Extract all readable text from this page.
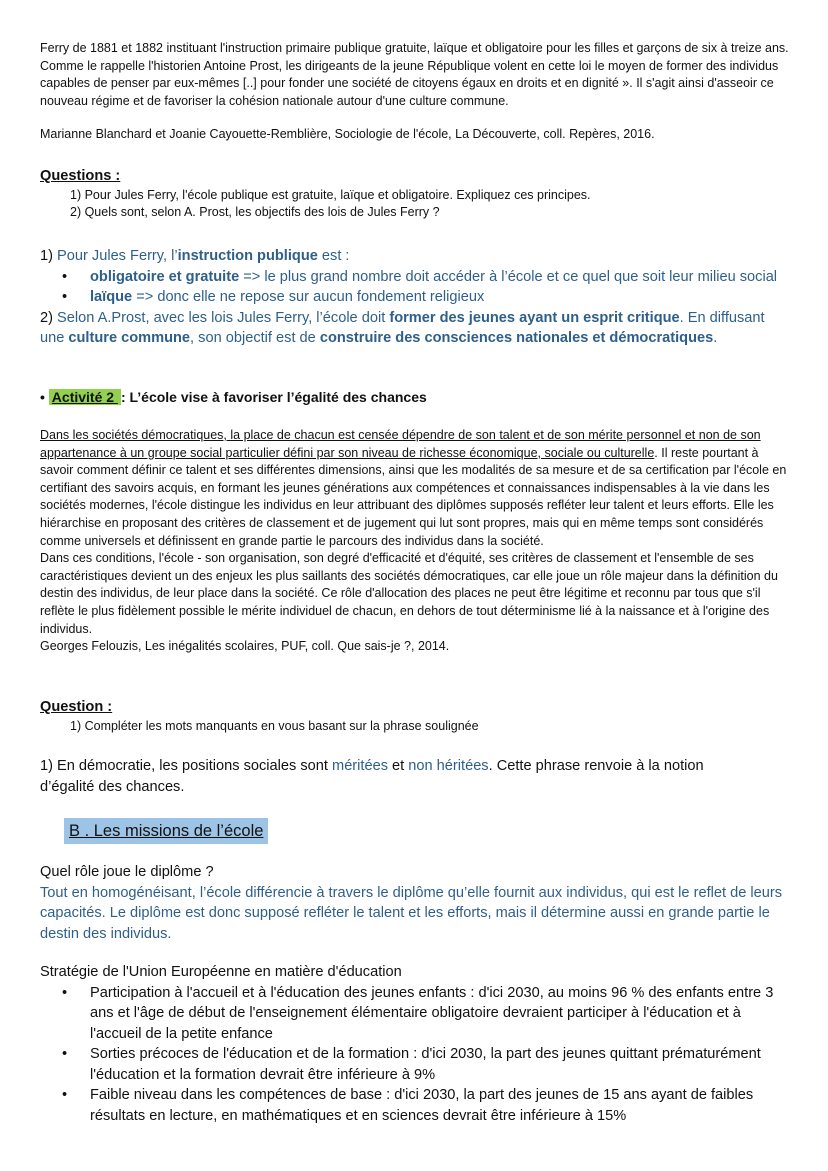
Ferry de 1881 et 1882 instituant l'instruction primaire publique gratuite, laïque et obligatoire pour les filles et garçons de six à treize ans. Comme le rappelle l'historien Antoine Prost, les dirigeants de la jeune République volent en cette loi le moyen de former des individus capables de penser par eux-mêmes [..] pour fonder une société de citoyens égaux en droits et en dignité ». Il s'agit ainsi d'asseoir ce nouveau régime et de favoriser la cohésion nationale autour d'une culture commune.

Marianne Blanchard et Joanie Cayouette-Remblière, Sociologie de l'école, La Découverte, coll. Repères, 2016.

Questions :

1) Pour Jules Ferry, l'école publique est gratuite, laïque et obligatoire. Expliquez ces principes.
2) Quels sont, selon A. Prost, les objectifs des lois de Jules Ferry ?

1) Pour Jules Ferry, l’instruction publique est :

• obligatoire et gratuite => le plus grand nombre doit accéder à l’école et ce quel que soit leur milieu social
• laïque => donc elle ne repose sur aucun fondement religieux

2) Selon A.Prost, avec les lois Jules Ferry, l’école doit former des jeunes ayant un esprit critique. En diffusant une culture commune, son objectif est de construire des consciences nationales et démocratiques.

• Activité 2 : L’école vise à favoriser l’égalité des chances

Dans les sociétés démocratiques, la place de chacun est censée dépendre de son talent et de son mérite personnel et non de son appartenance à un groupe social particulier défini par son niveau de richesse économique, sociale ou culturelle. Il reste pourtant à savoir comment définir ce talent et ses différentes dimensions, ainsi que les modalités de sa mesure et de sa certification par l'école en certifiant des savoirs acquis, en formant les jeunes générations aux compétences et connaissances indispensables à la vie dans les sociétés modernes, l'école distingue les individus en leur attribuant des diplômes supposés refléter leur talent et leurs efforts. Elle les hiérarchise en proposant des critères de classement et de jugement qui lut sont propres, mais qui en même temps sont considérés comme universels et définissent en grande partie le parcours des individus dans la société.

Dans ces conditions, l'école - son organisation, son degré d'efficacité et d'équité, ses critères de classement et l'ensemble de ses caractéristiques devient un des enjeux les plus saillants des sociétés démocratiques, car elle joue un rôle majeur dans la définition du destin des individus, de leur place dans la société. Ce rôle d'allocation des places ne peut être légitime et reconnu par tous que s'il reflète le plus fidèlement possible le mérite individuel de chacun, en dehors de tout déterminisme lié à la naissance et à l'origine des individus.

Georges Felouzis, Les inégalités scolaires, PUF, coll. Que sais-je ?, 2014.

Question :

1) Compléter les mots manquants en vous basant sur la phrase soulignée

1) En démocratie, les positions sociales sont méritées et non héritées. Cette phrase renvoie à la notion d’égalité des chances.

B . Les missions de l’école

Quel rôle joue le diplôme ?

Tout en homogénéisant, l’école différencie à travers le diplôme qu’elle fournit aux individus, qui est le reflet de leurs capacités. Le diplôme est donc supposé refléter le talent et les efforts, mais il détermine aussi en grande partie le destin des individus.

Stratégie de l'Union Européenne en matière d'éducation

• Participation à l'accueil et à l'éducation des jeunes enfants : d'ici 2030, au moins 96 % des enfants entre 3 ans et l'âge de début de l'enseignement élémentaire obligatoire devraient participer à l'éducation et à l'accueil de la petite enfance
• Sorties précoces de l'éducation et de la formation : d'ici 2030, la part des jeunes quittant prématurément l'éducation et la formation devrait être inférieure à 9%
• Faible niveau dans les compétences de base : d'ici 2030, la part des jeunes de 15 ans ayant de faibles résultats en lecture, en mathématiques et en sciences devrait être inférieure à 15%
